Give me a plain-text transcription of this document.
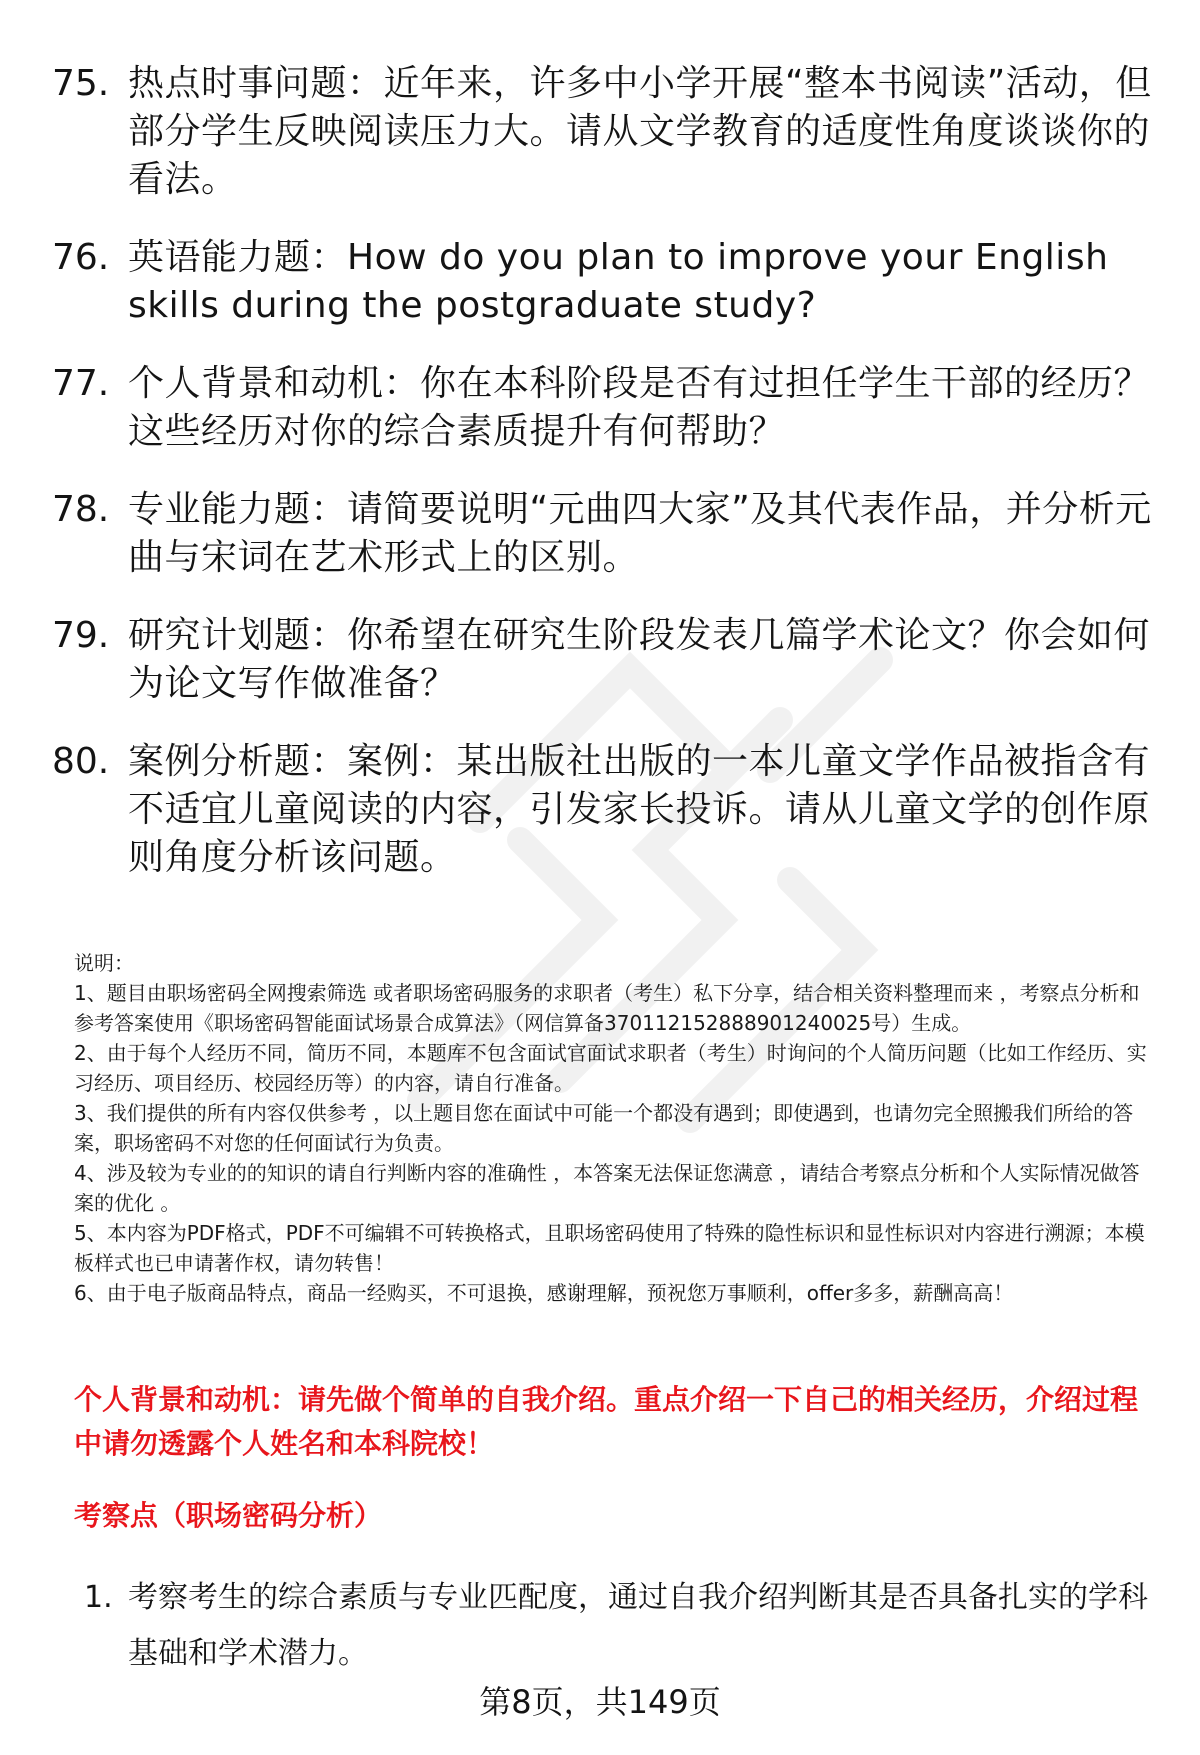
75. 热点时事问题：近年来，许多中小学开展“整本书阅读”活动，但部分学生反映阅读压力大。请从文学教育的适度性角度谈谈你的看法。
76. 英语能力题：How do you plan to improve your English skills during the postgraduate study?
77. 个人背景和动机：你在本科阶段是否有过担任学生干部的经历？这些经历对你的综合素质提升有何帮助？
78. 专业能力题：请简要说明“元曲四大家”及其代表作品，并分析元曲与宋词在艺术形式上的区别。
79. 研究计划题：你希望在研究生阶段发表几篇学术论文？你会如何为论文写作做准备？
80. 案例分析题：案例：某出版社出版的一本儿童文学作品被指含有不适宜儿童阅读的内容，引发家长投诉。请从儿童文学的创作原则角度分析该问题。

说明：

1、题目由职场密码全网搜索筛选 或者职场密码服务的求职者（考生）私下分享，结合相关资料整理而来 ，考察点分析和参考答案使用《职场密码智能面试场景合成算法》（网信算备370112152888901240025号）生成。

2、由于每个人经历不同，简历不同，本题库不包含面试官面试求职者（考生）时询问的个人简历问题（比如工作经历、实习经历、项目经历、校园经历等）的内容，请自行准备。

3、我们提供的所有内容仅供参考 ，以上题目您在面试中可能一个都没有遇到；即使遇到，也请勿完全照搬我们所给的答案，职场密码不对您的任何面试行为负责。

4、涉及较为专业的的知识的请自行判断内容的准确性 ，本答案无法保证您满意 ，请结合考察点分析和个人实际情况做答案的优化 。

5、本内容为PDF格式，PDF不可编辑不可转换格式，且职场密码使用了特殊的隐性标识和显性标识对内容进行溯源；本模板样式也已申请著作权，请勿转售！

6、由于电子版商品特点，商品一经购买，不可退换，感谢理解，预祝您万事顺利，offer多多，薪酬高高！

个人背景和动机：请先做个简单的自我介绍。重点介绍一下自己的相关经历，介绍过程中请勿透露个人姓名和本科院校！
考察点（职场密码分析）
1. 考察考生的综合素质与专业匹配度，通过自我介绍判断其是否具备扎实的学科基础和学术潜力。
第8页，共149页
